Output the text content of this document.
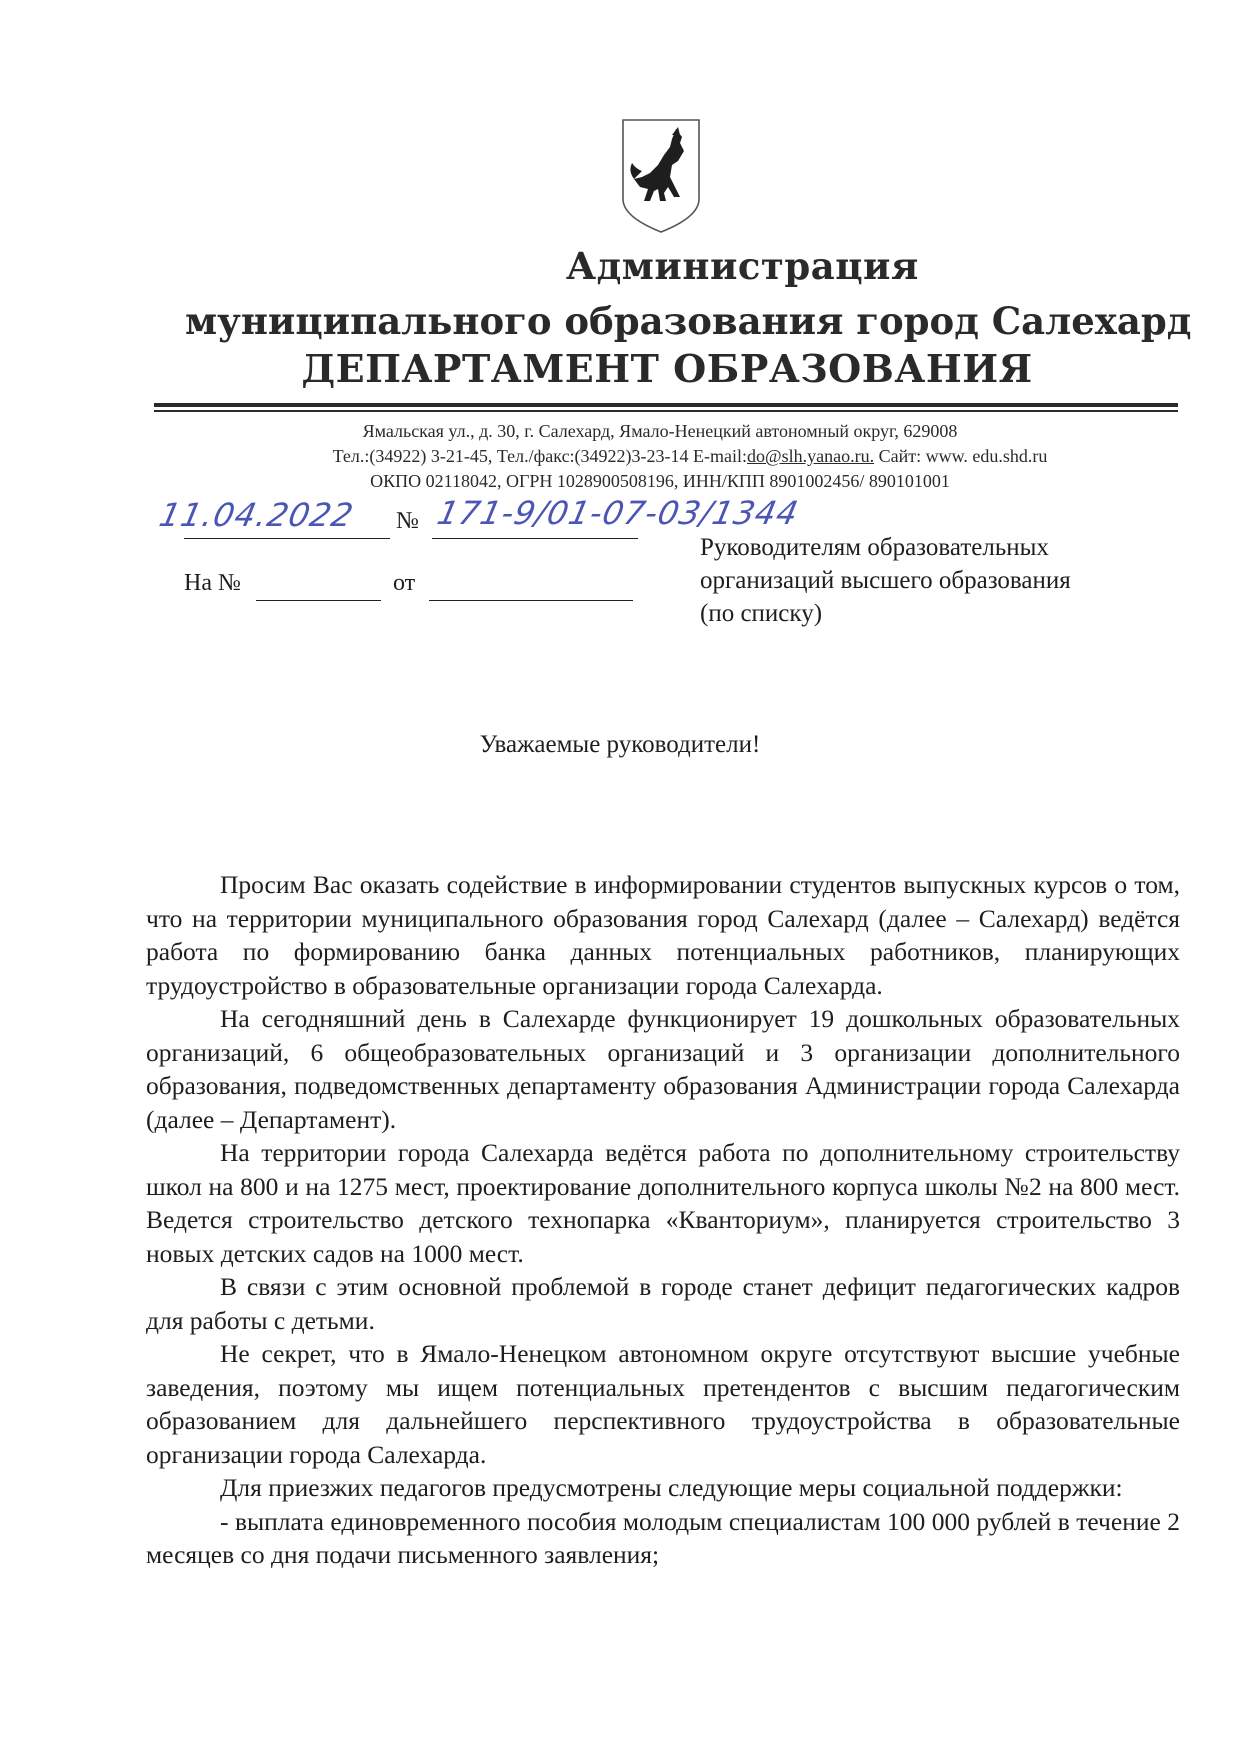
Администрация
муниципального образования город Салехард
ДЕПАРТАМЕНТ ОБРАЗОВАНИЯ
Ямальская ул., д. 30, г. Салехард, Ямало-Ненецкий автономный округ, 629008
Тел.:(34922) 3-21-45, Тел./факс:(34922)3-23-14 E-mail:do@slh.yanao.ru. Сайт: www. edu.shd.ru
ОКПО 02118042, ОГРН 1028900508196, ИНН/КПП 8901002456/ 890101001
11.04.2022 № 171-9/01-07-03/1344
На №	от
Руководителям образовательных
организаций высшего образования
(по списку)
Уважаемые руководители!

Просим Вас оказать содействие в информировании студентов выпускных курсов о том, что на территории муниципального образования город Салехард (далее – Салехард) ведётся работа по формированию банка данных потенциальных работников, планирующих трудоустройство в образовательные организации города Салехарда.

На сегодняшний день в Салехарде функционирует 19 дошкольных образовательных организаций, 6 общеобразовательных организаций и 3 организации дополнительного образования, подведомственных департаменту образования Администрации города Салехарда (далее – Департамент).

На территории города Салехарда ведётся работа по дополнительному строительству школ на 800 и на 1275 мест, проектирование дополнительного корпуса школы №2 на 800 мест. Ведется строительство детского технопарка «Кванториум», планируется строительство 3 новых детских садов на 1000 мест.

В связи с этим основной проблемой в городе станет дефицит педагогических кадров для работы с детьми.

Не секрет, что в Ямало-Ненецком автономном округе отсутствуют высшие учебные заведения, поэтому мы ищем потенциальных претендентов с высшим педагогическим образованием для дальнейшего перспективного трудоустройства в образовательные организации города Салехарда.

Для приезжих педагогов предусмотрены следующие меры социальной поддержки:

- выплата единовременного пособия молодым специалистам 100 000 рублей в течение 2 месяцев со дня подачи письменного заявления;
